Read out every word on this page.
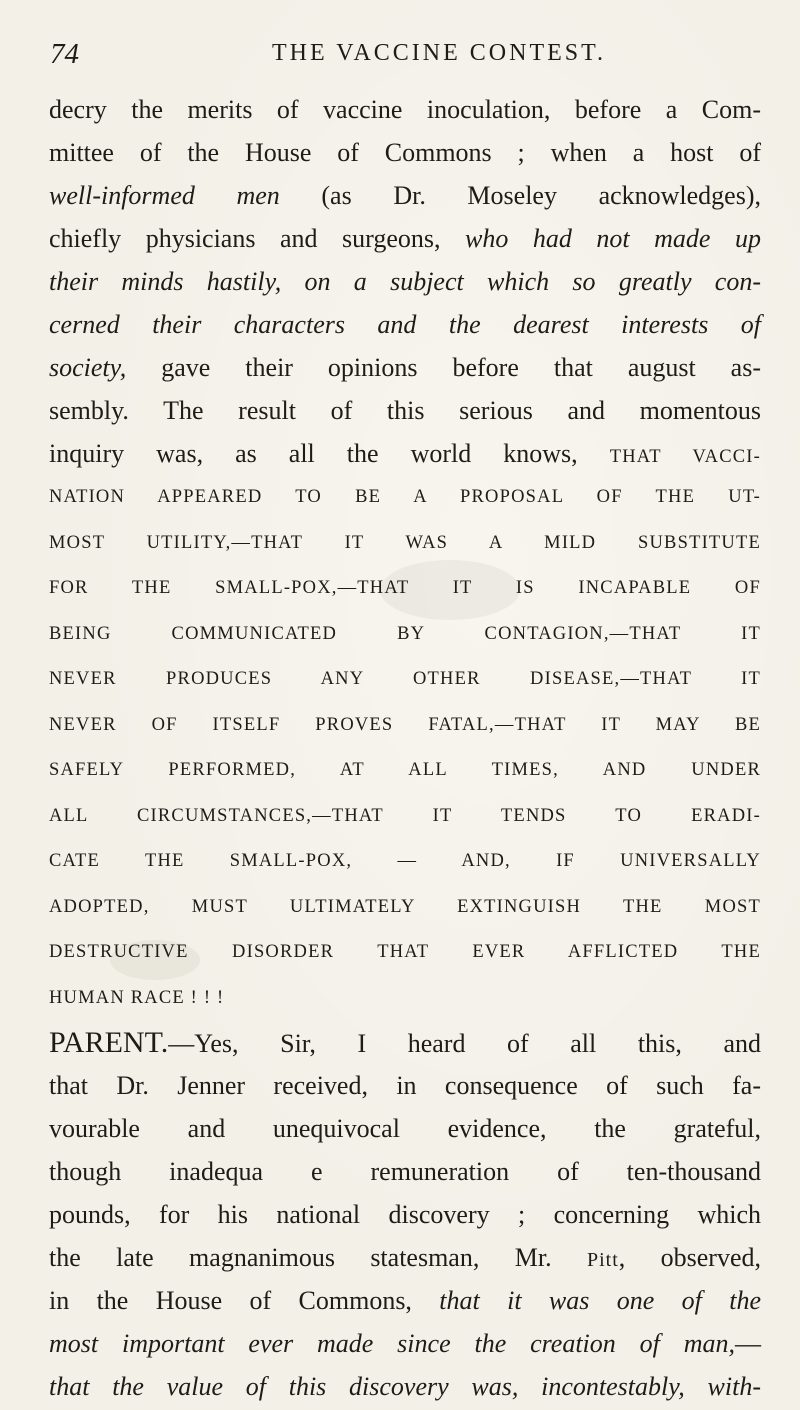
74	THE VACCINE CONTEST.
decry the merits of vaccine inoculation, before a Com-
mittee of the House of Commons ; when a host of
well-informed men (as Dr. Moseley acknowledges),
chiefly physicians and surgeons, who had not made up
their minds hastily, on a subject which so greatly con-
cerned their characters and the dearest interests of
society, gave their opinions before that august as-
sembly. The result of this serious and momentous
inquiry was, as all the world knows, THAT VACCI-
NATION APPEARED TO BE A PROPOSAL OF THE UT-
MOST UTILITY,—THAT IT WAS A MILD SUBSTITUTE
FOR THE SMALL-POX,—THAT IT IS INCAPABLE OF
BEING COMMUNICATED BY CONTAGION,—THAT IT
NEVER PRODUCES ANY OTHER DISEASE,—THAT IT
NEVER OF ITSELF PROVES FATAL,—THAT IT MAY BE
SAFELY PERFORMED, AT ALL TIMES, AND UNDER
ALL CIRCUMSTANCES,—THAT IT TENDS TO ERADI-
CATE THE SMALL-POX, — AND, IF UNIVERSALLY
ADOPTED, MUST ULTIMATELY EXTINGUISH THE MOST
DESTRUCTIVE DISORDER THAT EVER AFFLICTED THE
HUMAN RACE ! ! !
PARENT.—Yes, Sir, I heard of all this, and
that Dr. Jenner received, in consequence of such fa-
vourable and unequivocal evidence, the grateful,
though inadequa e remuneration of ten-thousand
pounds, for his national discovery ; concerning which
the late magnanimous statesman, Mr. Pitt, observed,
in the House of Commons, that it was one of the
most important ever made since the creation of man,—
that the value of this discovery was, incontestably, with-
